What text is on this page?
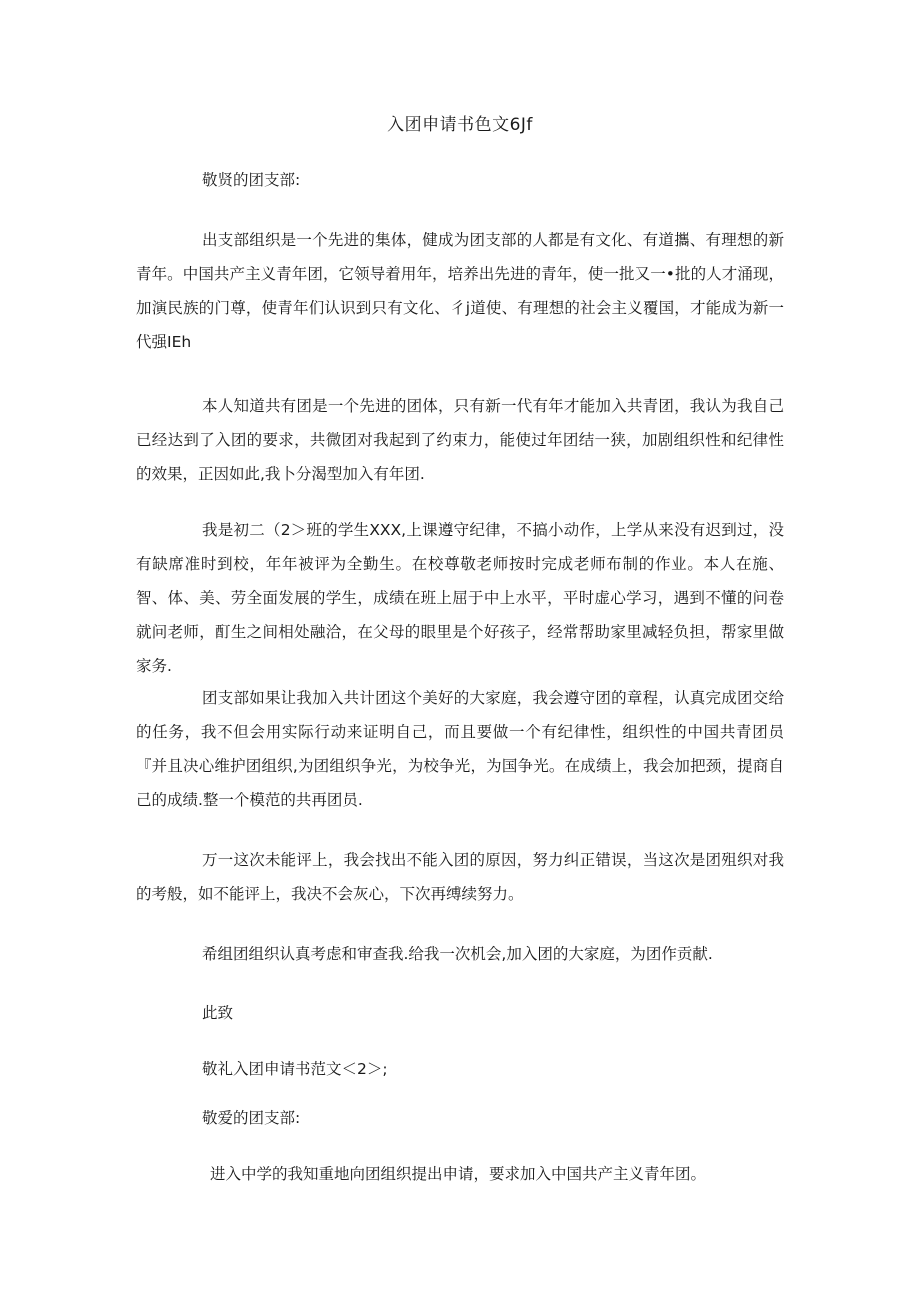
入团申请书色文6Jf
敬贤的团支部:
出支部组织是一个先进的集体，健成为团支部的人都是有文化、有道攜、有理想的新青年。中国共产主义青年团，它领导着用年，培养出先进的青年，使一批又一•批的人才涌现，加演民族的门尊，使青年们认识到只有文化、彳j道使、有理想的社会主义覆国，才能成为新一代强IEh
本人知道共有团是一个先进的团体，只有新一代有年才能加入共青团，我认为我自己已经达到了入团的要求，共微团对我起到了约束力，能使过年团结一狭，加剧组织性和纪律性的效果，正因如此,我卜分渴型加入有年团.
我是初二（2＞班的学生XXX,上课遵守纪律，不搞小动作，上学从来没有迟到过，没有缺席准时到校，年年被评为全勤生。在校尊敬老师按时完成老师布制的作业。本人在施、智、体、美、劳全面发展的学生，成绩在班上屈于中上水平，平时虚心学习，遇到不懂的问卷就问老师，酊生之间相处融洽，在父母的眼里是个好孩子，经常帮助家里减轻负担，帮家里做家务.
团支部如果让我加入共计团这个美好的大家庭，我会遵守团的章程，认真完成团交给的任务，我不但会用实际行动来证明自己，而且要做一个有纪律性，组织性的中国共青团员『并且决心维护团组织,为团组织争光，为校争光，为国争光。在成绩上，我会加把颈，提商自己的成绩.整一个模范的共再团员.
万一这次未能评上，我会找出不能入团的原因，努力纠正错误，当这次是团殂织对我的考般，如不能评上，我决不会灰心，下次再缚续努力。
希组团组织认真考虑和审查我.给我一次机会,加入团的大家庭，为团作贡献.
此致
敬礼入团申请书范文＜2＞;
敬爱的团支部:
进入中学的我知重地向团组织提出申请，要求加入中国共产主义青年团。
